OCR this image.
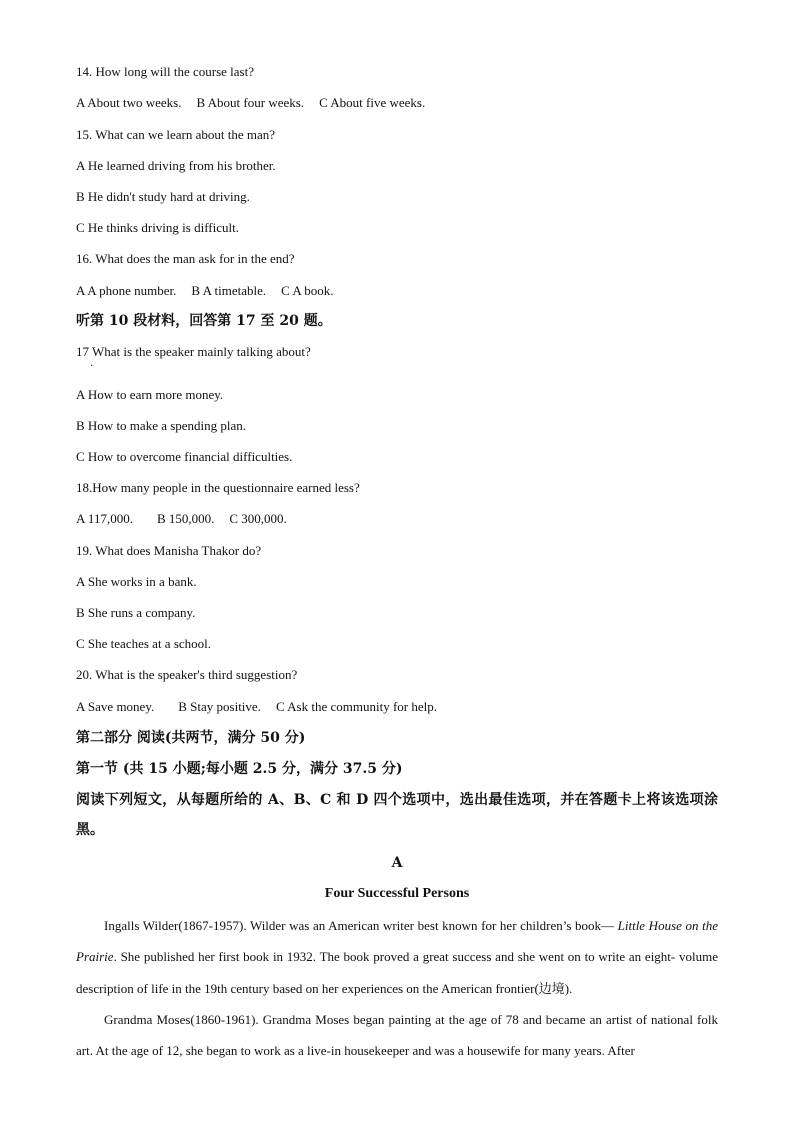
14. How long will the course last?
A About two weeks. B About four weeks. C About five weeks.
15. What can we learn about the man?
A He learned driving from his brother.
B He didn't study hard at driving.
C He thinks driving is difficult.
16. What does the man ask for in the end?
A A phone number. B A timetable. C A book.
听第 10 段材料，回答第 17 至 20 题。
17 What is the speaker mainly talking about?
·
A How to earn more money.
B How to make a spending plan.
C How to overcome financial difficulties.
18.How many people in the questionnaire earned less?
A 117,000. B 150,000. C 300,000.
19. What does Manisha Thakor do?
A She works in a bank.
B She runs a company.
C She teaches at a school.
20. What is the speaker's third suggestion?
A Save money. B Stay positive. C Ask the community for help.
第二部分 阅读(共两节，满分 50 分)
第一节 (共 15 小题;每小题 2.5 分，满分 37.5 分)
阅读下列短文，从每题所给的 A、B、C 和 D 四个选项中，选出最佳选项，并在答题卡上将该选项涂黑。
A
Four Successful Persons
Ingalls Wilder(1867-1957). Wilder was an American writer best known for her children’s book— Little House on the Prairie. She published her first book in 1932. The book proved a great success and she went on to write an eight- volume description of life in the 19th century based on her experiences on the American frontier(边境).
Grandma Moses(1860-1961). Grandma Moses began painting at the age of 78 and became an artist of national folk art. At the age of 12, she began to work as a live-in housekeeper and was a housewife for many years. After
